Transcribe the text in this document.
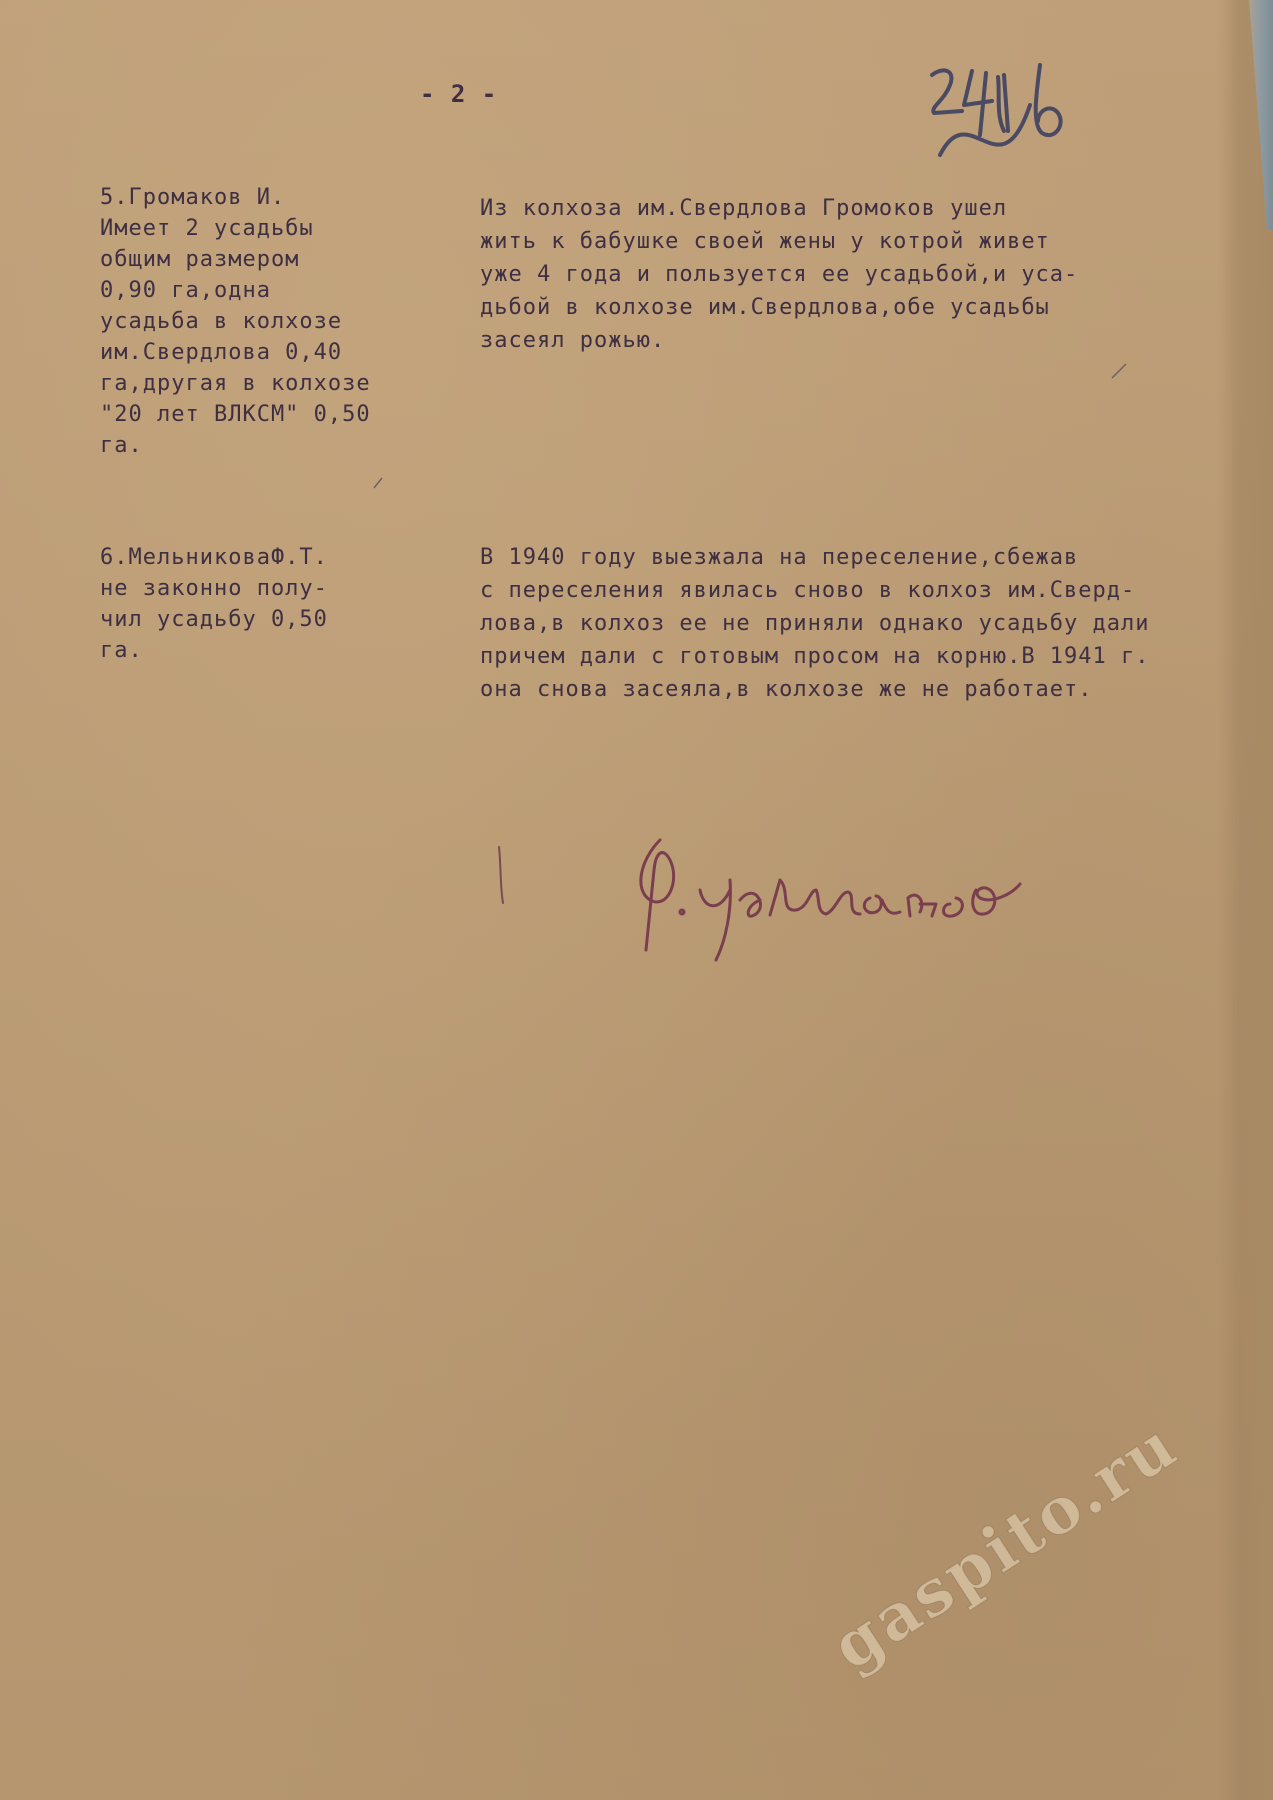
- 2 -
5.Громаков И.
Имеет 2 усадьбы
общим размером
0,90 га,одна
усадьба в колхозе
им.Свердлова 0,40
га,другая в колхозе
"20 лет ВЛКСМ" 0,50
га.
Из колхоза им.Свердлова Громоков ушел
жить к бабушке своей жены у котрой живет
уже 4 года и пользуется ее усадьбой,и уса-
дьбой в колхозе им.Свердлова,обе усадьбы
засеял рожью.
6.МельниковаФ.Т.
не законно полу-
чил усадьбу 0,50
га.
В 1940 году выезжала на переселение,сбежав
с переселения явилась сново в колхоз им.Сверд-
лова,в колхоз ее не приняли однако усадьбу дали
причем дали с готовым просом на корню.В 1941 г.
она снова засеяла,в колхозе же не работает.
gaspito.ru
